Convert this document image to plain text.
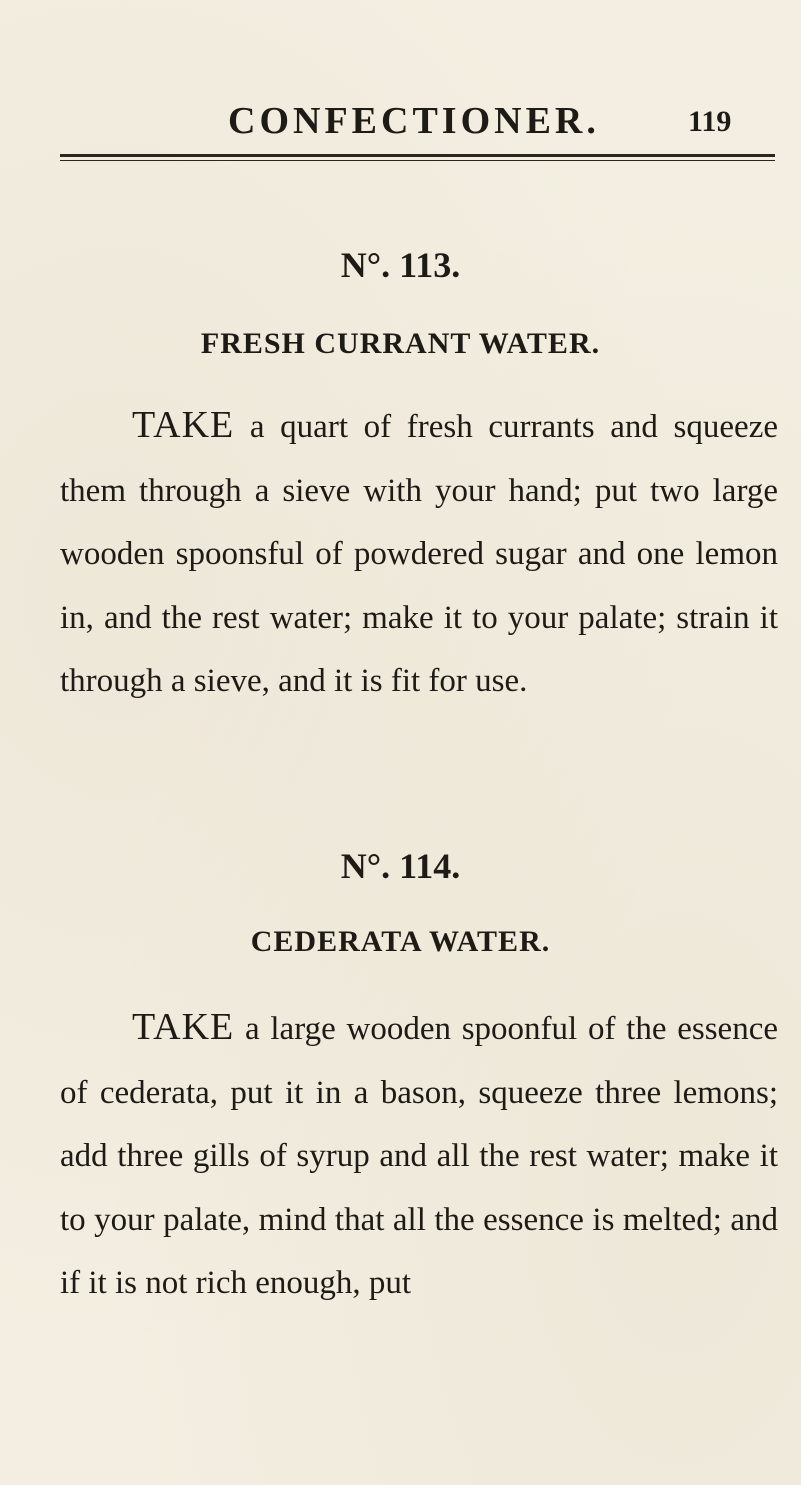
CONFECTIONER.	119
N°. 113.
FRESH CURRANT WATER.

TAKE a quart of fresh currants and squeeze them through a sieve with your hand; put two large wooden spoonsful of powdered sugar and one lemon in, and the rest water; make it to your palate; strain it through a sieve, and it is fit for use.

N°. 114.
CEDERATA WATER.

TAKE a large wooden spoonful of the essence of cederata, put it in a bason, squeeze three lemons; add three gills of syrup and all the rest water; make it to your palate, mind that all the essence is melted; and if it is not rich enough, put
